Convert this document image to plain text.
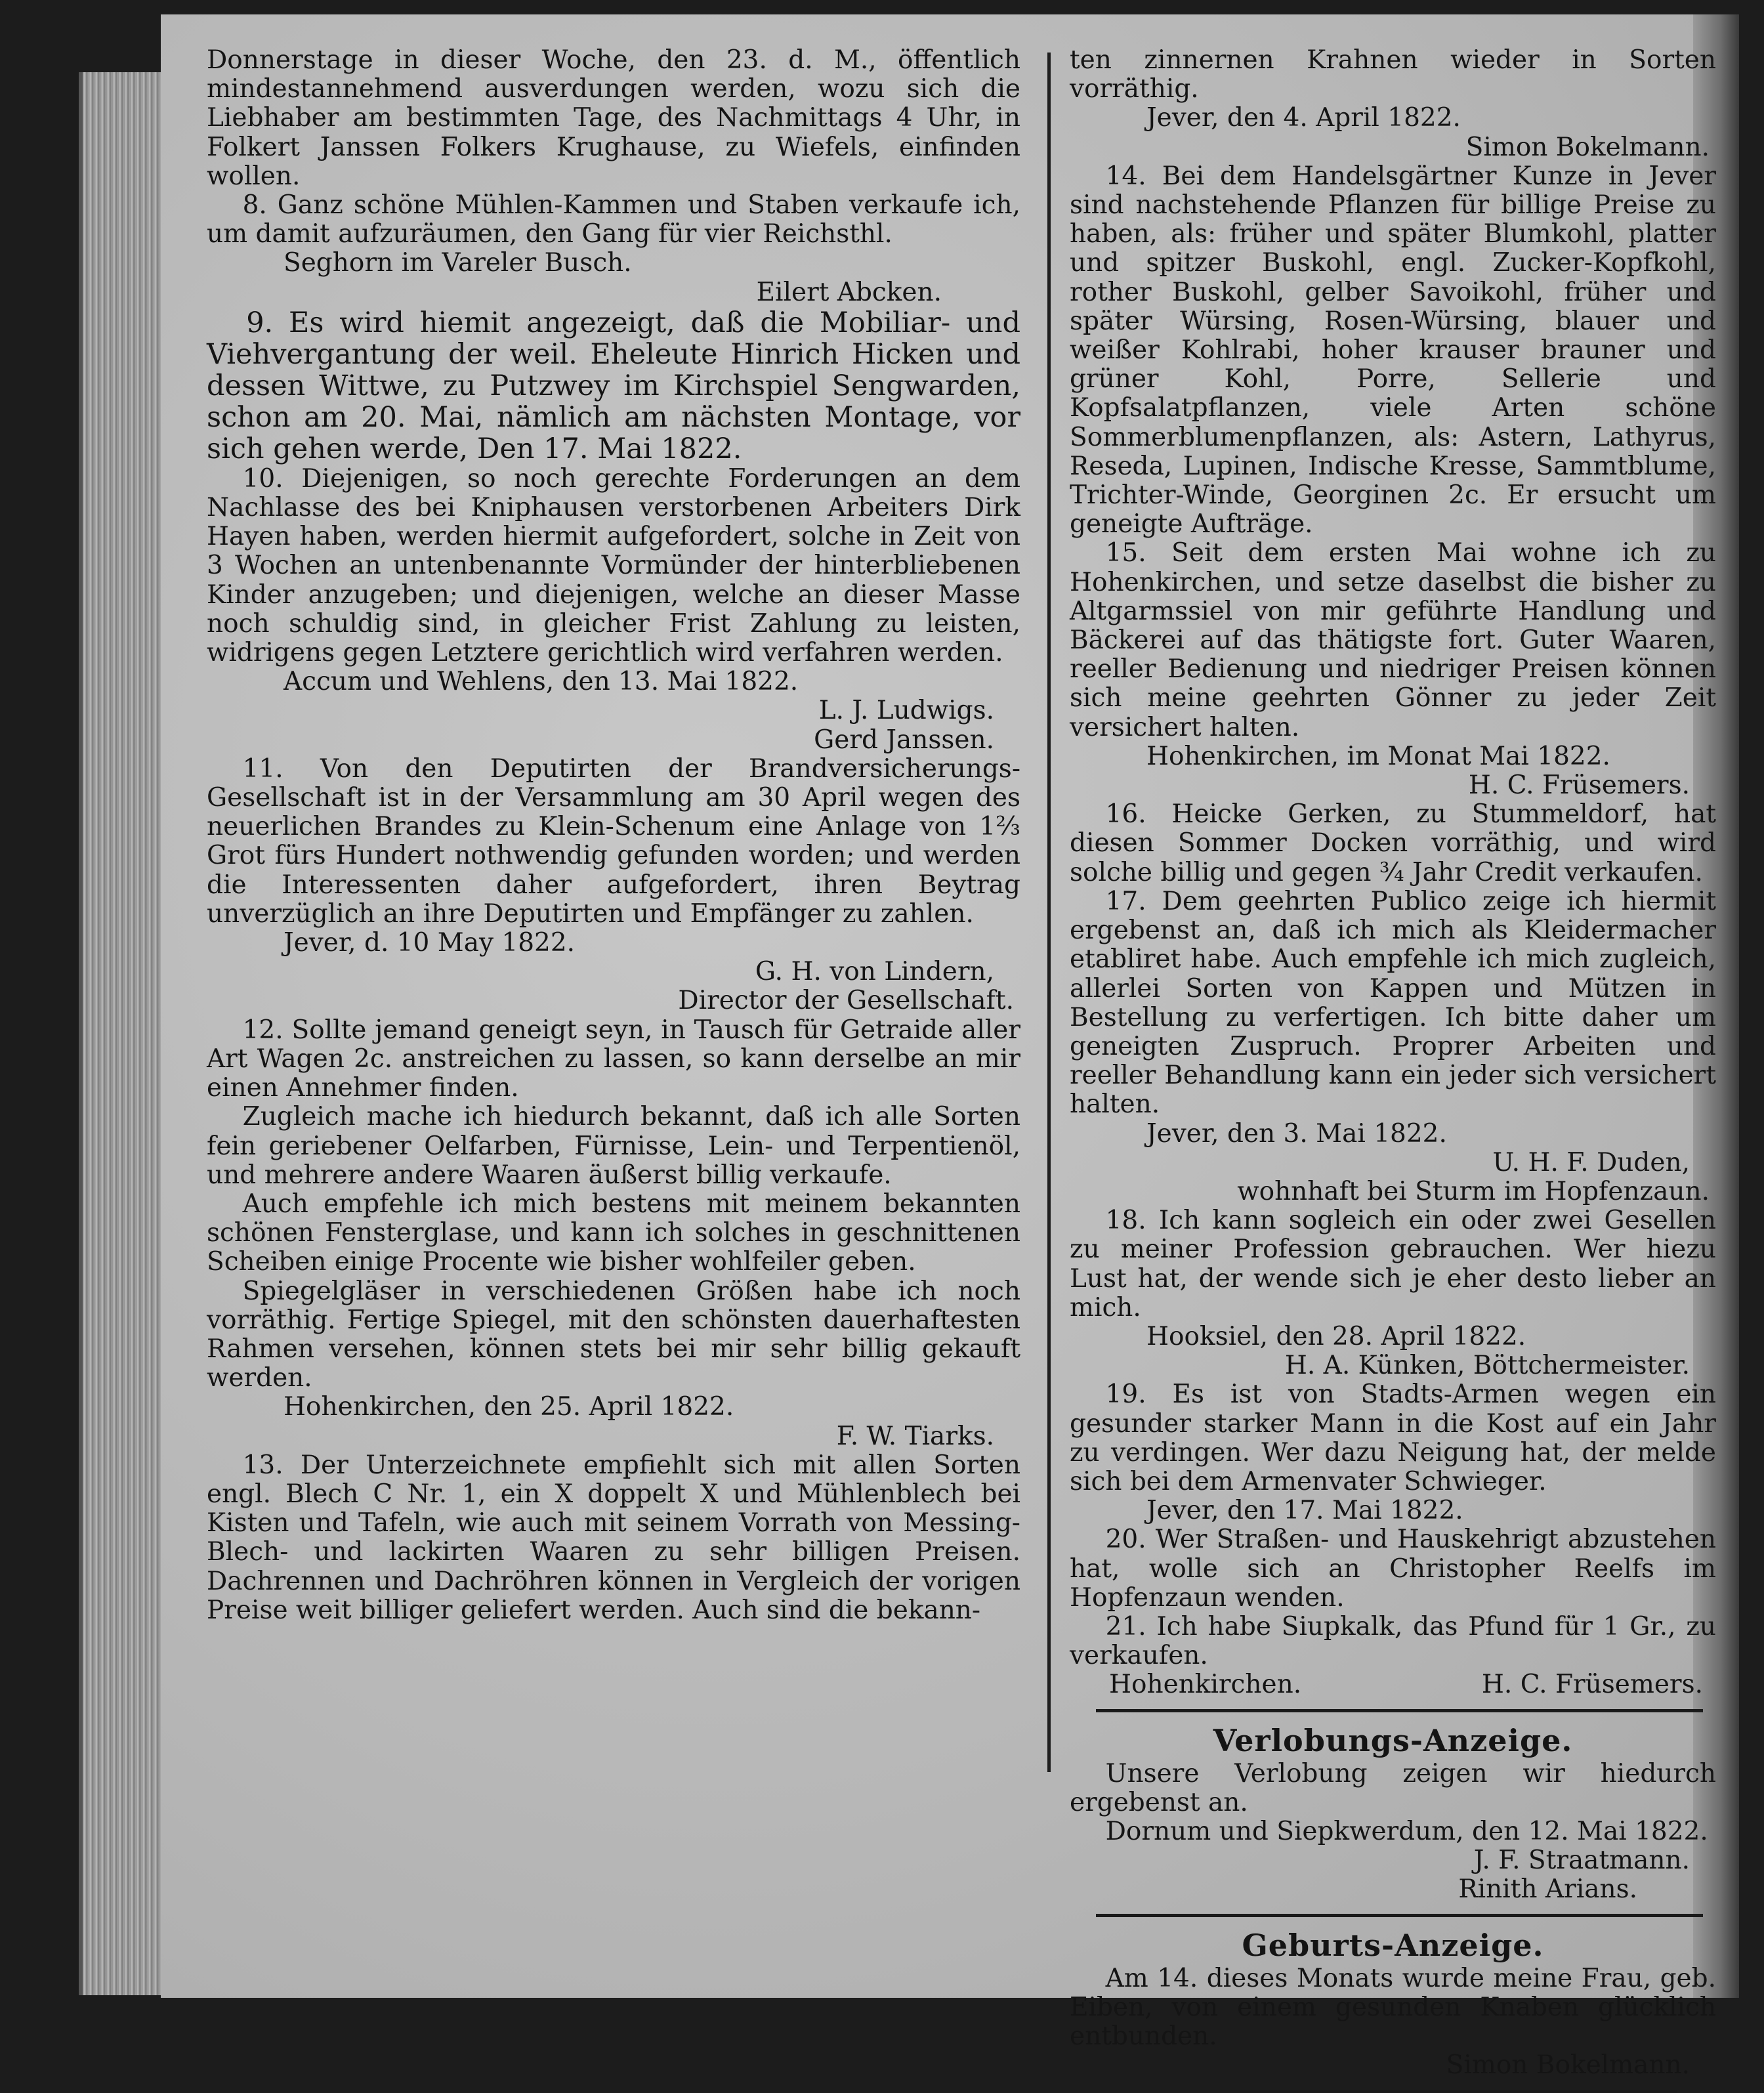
Donnerstage in dieser Woche, den 23. d. M., öffentlich mindestannehmend ausverdungen werden, wozu sich die Liebhaber am bestimmten Tage, des Nachmittags 4 Uhr, in Folkert Janssen Folkers Krughause, zu Wiefels, einfinden wollen.

8. Ganz schöne Mühlen-Kammen und Staben verkaufe ich, um damit aufzuräumen, den Gang für vier Reichsthl.

Seghorn im Vareler Busch.

Eilert Abcken.

9. Es wird hiemit angezeigt, daß die Mobiliar- und Viehvergantung der weil. Eheleute Hinrich Hicken und dessen Wittwe, zu Putzwey im Kirchspiel Sengwarden, schon am 20. Mai, nämlich am nächsten Montage, vor sich gehen werde, Den 17. Mai 1822.

10. Diejenigen, so noch gerechte Forderungen an dem Nachlasse des bei Kniphausen verstorbenen Arbeiters Dirk Hayen haben, werden hiermit aufgefordert, solche in Zeit von 3 Wochen an untenbenannte Vormünder der hinterbliebenen Kinder anzugeben; und diejenigen, welche an dieser Masse noch schuldig sind, in gleicher Frist Zahlung zu leisten, widrigens gegen Letztere gerichtlich wird verfahren werden.

Accum und Wehlens, den 13. Mai 1822.

L. J. Ludwigs.

Gerd Janssen.

11. Von den Deputirten der Brandversicherungs-Gesellschaft ist in der Versammlung am 30 April wegen des neuerlichen Brandes zu Klein-Schenum eine Anlage von 1⅔ Grot fürs Hundert nothwendig gefunden worden; und werden die Interessenten daher aufgefordert, ihren Beytrag unverzüglich an ihre Deputirten und Empfänger zu zahlen.

Jever, d. 10 May 1822.

G. H. von Lindern,

Director der Gesellschaft.

12. Sollte jemand geneigt seyn, in Tausch für Getraide aller Art Wagen 2c. anstreichen zu lassen, so kann derselbe an mir einen Annehmer finden.

Zugleich mache ich hiedurch bekannt, daß ich alle Sorten fein geriebener Oelfarben, Fürnisse, Lein- und Terpentienöl, und mehrere andere Waaren äußerst billig verkaufe.

Auch empfehle ich mich bestens mit meinem bekannten schönen Fensterglase, und kann ich solches in geschnittenen Scheiben einige Procente wie bisher wohlfeiler geben.

Spiegelgläser in verschiedenen Größen habe ich noch vorräthig. Fertige Spiegel, mit den schönsten dauerhaftesten Rahmen versehen, können stets bei mir sehr billig gekauft werden.

Hohenkirchen, den 25. April 1822.

F. W. Tiarks.

13. Der Unterzeichnete empfiehlt sich mit allen Sorten engl. Blech C Nr. 1, ein X doppelt X und Mühlenblech bei Kisten und Tafeln, wie auch mit seinem Vorrath von Messing-Blech- und lackirten Waaren zu sehr billigen Preisen. Dachrennen und Dachröhren können in Vergleich der vorigen Preise weit billiger geliefert werden. Auch sind die bekann-

ten zinnernen Krahnen wieder in Sorten vorräthig.

Jever, den 4. April 1822.

Simon Bokelmann.

14. Bei dem Handelsgärtner Kunze in Jever sind nachstehende Pflanzen für billige Preise zu haben, als: früher und später Blumkohl, platter und spitzer Buskohl, engl. Zucker-Kopfkohl, rother Buskohl, gelber Savoikohl, früher und später Würsing, Rosen-Würsing, blauer und weißer Kohlrabi, hoher krauser brauner und grüner Kohl, Porre, Sellerie und Kopfsalatpflanzen, viele Arten schöne Sommerblumenpflanzen, als: Astern, Lathyrus, Reseda, Lupinen, Indische Kresse, Sammtblume, Trichter-Winde, Georginen 2c. Er ersucht um geneigte Aufträge.

15. Seit dem ersten Mai wohne ich zu Hohenkirchen, und setze daselbst die bisher zu Altgarmssiel von mir geführte Handlung und Bäckerei auf das thätigste fort. Guter Waaren, reeller Bedienung und niedriger Preisen können sich meine geehrten Gönner zu jeder Zeit versichert halten.

Hohenkirchen, im Monat Mai 1822.

H. C. Früsemers.

16. Heicke Gerken, zu Stummeldorf, hat diesen Sommer Docken vorräthig, und wird solche billig und gegen ¾ Jahr Credit verkaufen.

17. Dem geehrten Publico zeige ich hiermit ergebenst an, daß ich mich als Kleidermacher etabliret habe. Auch empfehle ich mich zugleich, allerlei Sorten von Kappen und Mützen in Bestellung zu verfertigen. Ich bitte daher um geneigten Zuspruch. Proprer Arbeiten und reeller Behandlung kann ein jeder sich versichert halten.

Jever, den 3. Mai 1822.

U. H. F. Duden,

wohnhaft bei Sturm im Hopfenzaun.

18. Ich kann sogleich ein oder zwei Gesellen zu meiner Profession gebrauchen. Wer hiezu Lust hat, der wende sich je eher desto lieber an mich.

Hooksiel, den 28. April 1822.

H. A. Künken, Böttchermeister.

19. Es ist von Stadts-Armen wegen ein gesunder starker Mann in die Kost auf ein Jahr zu verdingen. Wer dazu Neigung hat, der melde sich bei dem Armenvater Schwieger.

Jever, den 17. Mai 1822.

20. Wer Straßen- und Hauskehrigt abzustehen hat, wolle sich an Christopher Reelfs im Hopfenzaun wenden.

21. Ich habe Siupkalk, das Pfund für 1 Gr., zu verkaufen.

Hohenkirchen.	H. C. Früsemers.

Verlobungs-Anzeige.

Unsere Verlobung zeigen wir hiedurch ergebenst an.

Dornum und Siepkwerdum, den 12. Mai 1822.

J. F. Straatmann.

Rinith Arians.

Geburts-Anzeige.

Am 14. dieses Monats wurde meine Frau, geb. Eiben, von einem gesunden Knaben glücklich entbunden.

Simon Bokelmann.
